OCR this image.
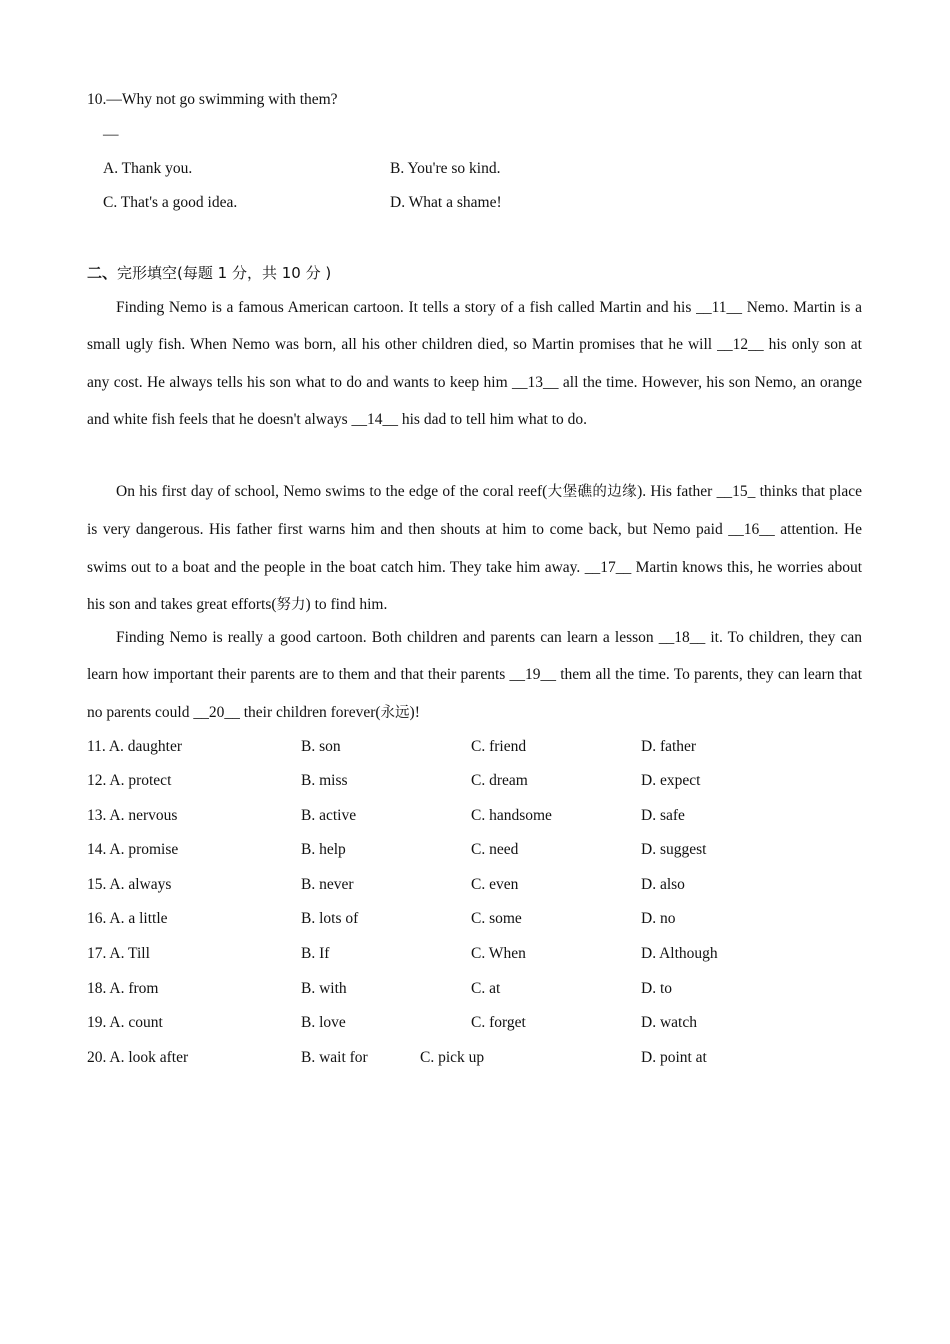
10.—Why not go swimming with them?
—
A. Thank you.	B. You're so kind.
C. That's a good idea.	D. What a shame!
二、完形填空(每题 1 分，共 10 分 )
Finding Nemo is a famous American cartoon. It tells a story of a fish called Martin and his __11__ Nemo. Martin is a small ugly fish. When Nemo was born, all his other children died, so Martin promises that he will __12__ his only son at any cost. He always tells his son what to do and wants to keep him __13__ all the time. However, his son Nemo, an orange and white fish feels that he doesn't always __14__ his dad to tell him what to do.
On his first day of school, Nemo swims to the edge of the coral reef(大堡礁的边缘). His father __15_ thinks that place is very dangerous. His father first warns him and then shouts at him to come back, but Nemo paid __16__ attention. He swims out to a boat and the people in the boat catch him. They take him away. __17__ Martin knows this, he worries about his son and takes great efforts(努力) to find him.
Finding Nemo is really a good cartoon. Both children and parents can learn a lesson __18__ it. To children, they can learn how important their parents are to them and that their parents __19__ them all the time. To parents, they can learn that no parents could __20__ their children forever(永远)!
11. A. daughter	B. son	C. friend	D. father
12. A. protect	B. miss	C. dream	D. expect
13. A. nervous	B. active	C. handsome	D. safe
14. A. promise	B. help	C. need	D. suggest
15. A. always	B. never	C. even	D. also
16. A. a little	B. lots of	C. some	D. no
17. A. Till	B. If	C. When	D. Although
18. A. from	B. with	C. at	D. to
19. A. count	B. love	C. forget	D. watch
20. A. look after	B. wait for	C. pick up	D. point at
